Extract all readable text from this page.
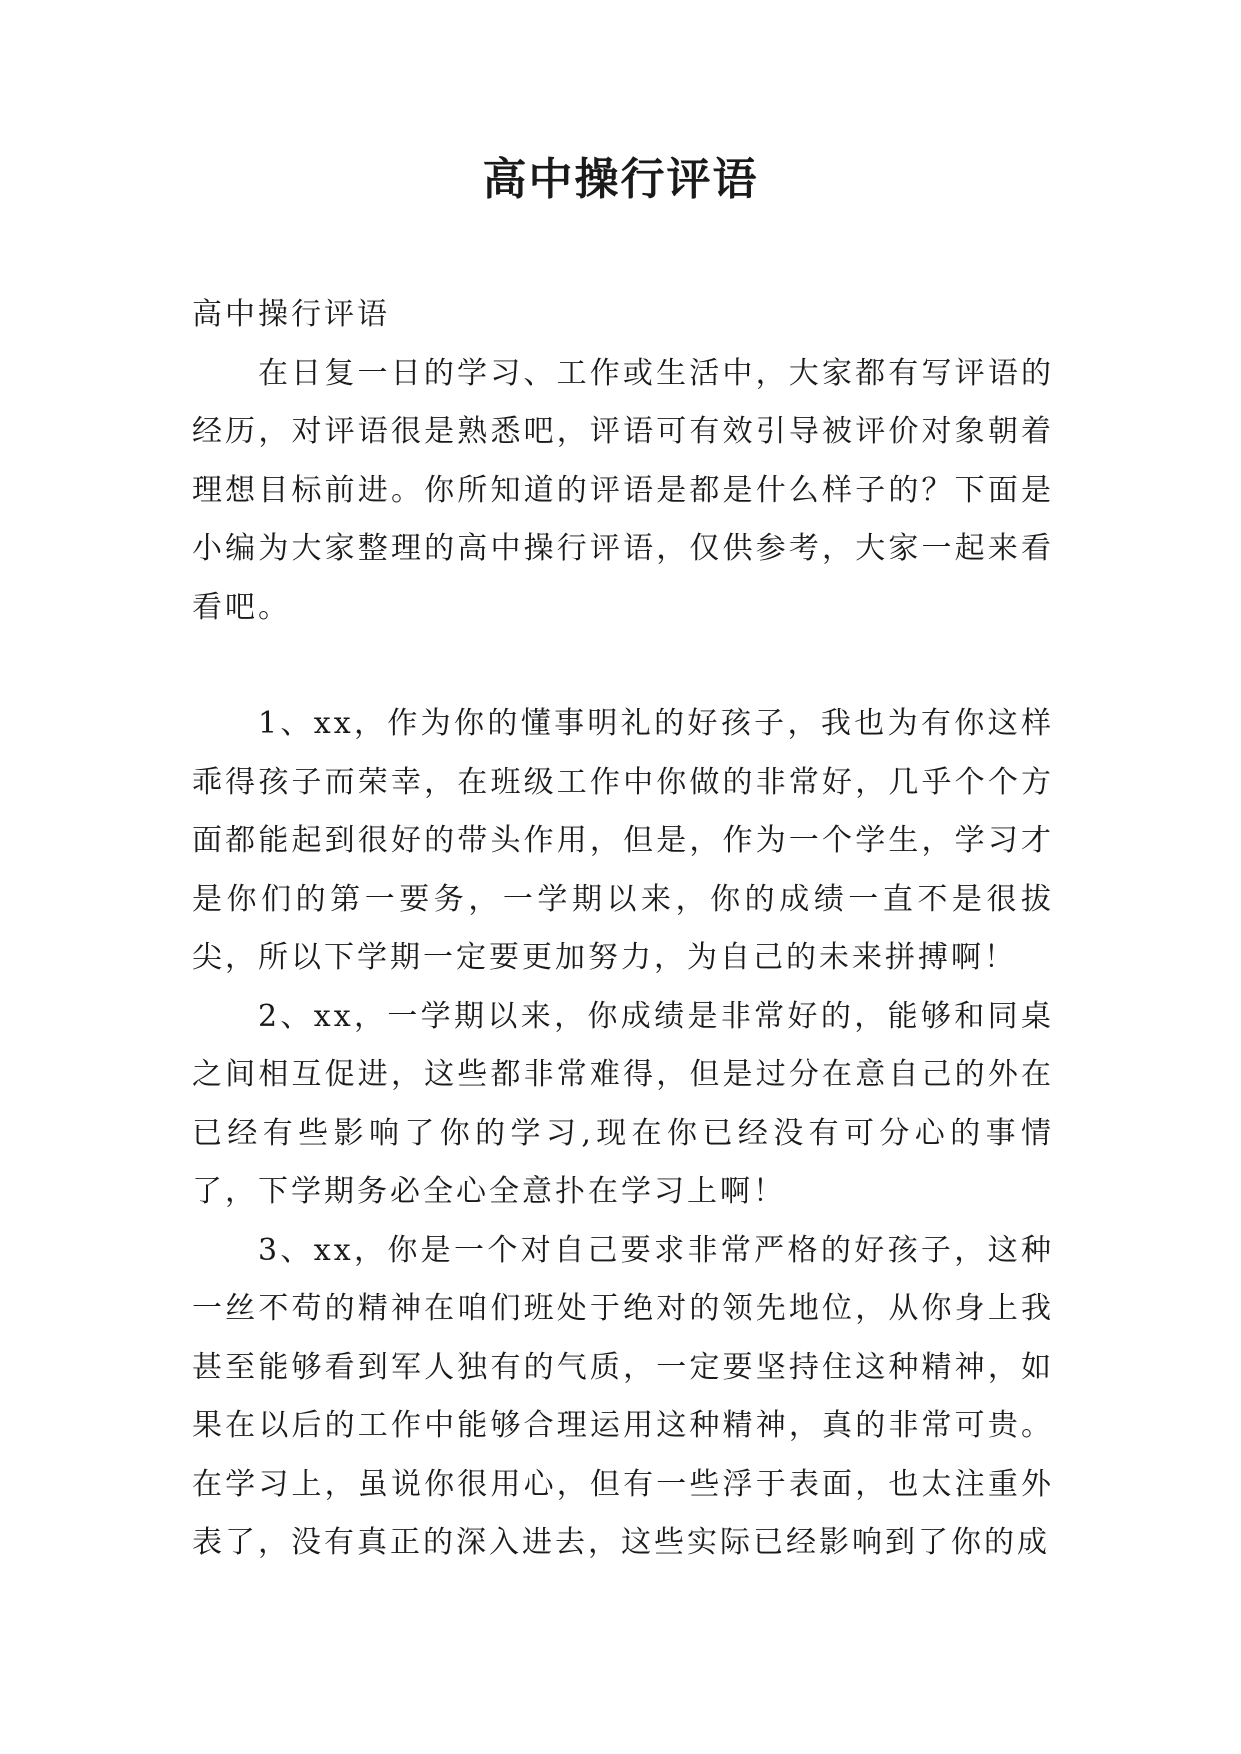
高中操行评语

高中操行评语

在日复一日的学习、工作或生活中，大家都有写评语的经历，对评语很是熟悉吧，评语可有效引导被评价对象朝着理想目标前进。你所知道的评语是都是什么样子的？下面是小编为大家整理的高中操行评语，仅供参考，大家一起来看看吧。

1、xx，作为你的懂事明礼的好孩子，我也为有你这样乖得孩子而荣幸，在班级工作中你做的非常好，几乎个个方面都能起到很好的带头作用，但是，作为一个学生，学习才是你们的第一要务，一学期以来，你的成绩一直不是很拔尖，所以下学期一定要更加努力，为自己的未来拼搏啊！

2、xx，一学期以来，你成绩是非常好的，能够和同桌之间相互促进，这些都非常难得，但是过分在意自己的外在已经有些影响了你的学习,现在你已经没有可分心的事情了，下学期务必全心全意扑在学习上啊！

3、xx，你是一个对自己要求非常严格的好孩子，这种一丝不苟的精神在咱们班处于绝对的领先地位，从你身上我甚至能够看到军人独有的气质，一定要坚持住这种精神，如果在以后的工作中能够合理运用这种精神，真的非常可贵。在学习上，虽说你很用心，但有一些浮于表面，也太注重外表了，没有真正的深入进去，这些实际已经影响到了你的成
